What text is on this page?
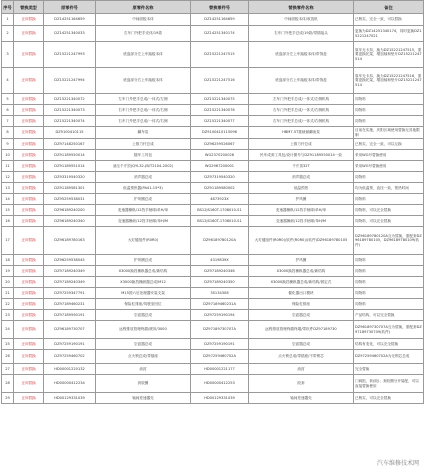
序号	替换类型	原零件号	原零件名称	替换零件号	替换零件名称	备注
1	正向替换	DZ14251164659	中间面板本体	DZ14251164659	中间面板本体/收放机	已核实，完全一致，可以替换
2	正向替换	DZ14251340033	右车门外把手壳体/19款	DZ14251340174	右车门外把手总成/19款/带插接头	更换为DZ14251340174，同时更换DZ15221247021
3	正向替换	DZ15221247993	底盘部分左上车踏板本体	DZ15221247515	底盘部分左上车踏板本体/带饰盖	原车无卡扣，换为DZ15221247515，需要更换托架，增加轴和垫片DZ15221247514
4	正向替换	DZ15221247994	底盘部分右上车踏板本体	DZ15221247516	底盘部分右上车踏板本体/带饰盖	原车无卡扣，换为DZ15221247516，需要更换托架，增加轴和垫片DZ15221247514
5	正向替换	DZ15221340072	左车门外把手总成/一体式/左侧	DZ15221340075	左车门外把手总成/一体式/左侧机构	同物料
6	正向替换	DZ15221340073	右车门外把手总成/一体式/右侧	DZ15221340076	右车门外把手总成/一体式/右侧机构	同物料
7	正向替换	DZ15221340074	右车门外把手总成/一体式/右侧	DZ15221340077	右车门外把手总成/一体式/右侧机构	同物料
8	正向替换	DZ9100410115	翻车泵	DZ9100410115096	HBM7.5T重载倾翻油泵	目前在实施，庆阳区域使用替换无其他限制
9	正向替换	DZ97148250167	上推力杆总成	DZ96259526067	上推力杆总成	已核实，完全一致，可以互换
10	正向替换	DZ91189550014	随车工具包	WG2370200026	民车成套工具包/设计图号与DZ91189550014一致	采用WG号替换使用
11	正向替换	DZ91189551014	油压千斤顶(QYL32-JB/T2104-2002)	WG2967200001	千斤顶32T	采用WG号替换使用
12	正向替换	DZ93319540320	消声器总成	DZ97319540320	消声器总成	同物料
13	正向替换	DZ91189581301	低温预热器(PA41-15*3)	DZ91189580002	低温预热	均为低温预，直径一致，预热时间
14	正向替换	DZ95259538031	护风圈总成	4873923X	护风圈	同物料
15	正向替换	DZ96189240200	变速器操纵/12挡手柄球/单H/单	BS12JS160T-1708010-S1	变速器操纵/12挡手柄球/单H/单	同物料，可以完全替换
16	正向替换	DZ96189240340	变速器操纵/12挡手柄球/单H/M	BS12JS160T-1708010-S1	变速器操纵/12挡手柄球/单H/M	同物料，可以完全替换
17	正向替换	DZ96189780163	大灯键组件(R0R0)	DZ96189780120A	大灯键组件(R0R0)/软件(R0R0)/(软件)DZ96189780105	DZ96189780120A互为替换，需配套DZ96189780105，DZ96189780109(软件)
18	正向替换	DZ96259538045	护风圈总成	4319839X	护风圈	同物料
19	正向替换	DZ97189240349	X3000换挡操纵器总成/新结构	DZ97189240346	X3000换挡操纵器总成/新结构	同物料
20	正向替换	DZ97189240349	X3000换挡操纵器总成/M12	DZ97189240350	X3000换挡操纵器总成/新结构/固定式	同物料
21	正向替换	DZ97259347791	M15国六后处理器安装支架	35134308	催化器出口模块	同物料
22	正向替换	DZ97189460231	保险杠排座/驾驶室回位	DZ97189460231A	保险杠排座	同物料
23	正向替换	DZ97189590191	空滤器总成	DZ97259190194	空滤器总成	产品结构，可以完全替换
24	正向替换	DZ96189730707	远程排放管理终端/缓冲/3000	DZ97189730707A	远程排放管理终端终端/带软件DZ97189730	DZ96189730707A互为替换，需配套DZ97189730709(软件)
25	正向替换	DZ97259190191	空滤器总成	DZ97259190191	空滤器总成	结构有变化，可以完全替换
26	正向替换	DZ97259460702	点火锁总成/带插座	DZ97259460702A	点火锁总成/带插座/不带锁芯	DZ97259460702A为无锁芯总成
27	正向替换	HD00001220132	油封	HD00001221177	油封	完全替换
28	正向替换	HD00000412234	套胶圈	HD00000412253	胶套	门阀组，套(胶)；套胶圈分开装配，可以直接替换使用
29	正向替换	HD00129331039	轴间差速器壳	HD00129331039	轴间差速器壳	已核实，可以完全替换
汽车维修技术网
